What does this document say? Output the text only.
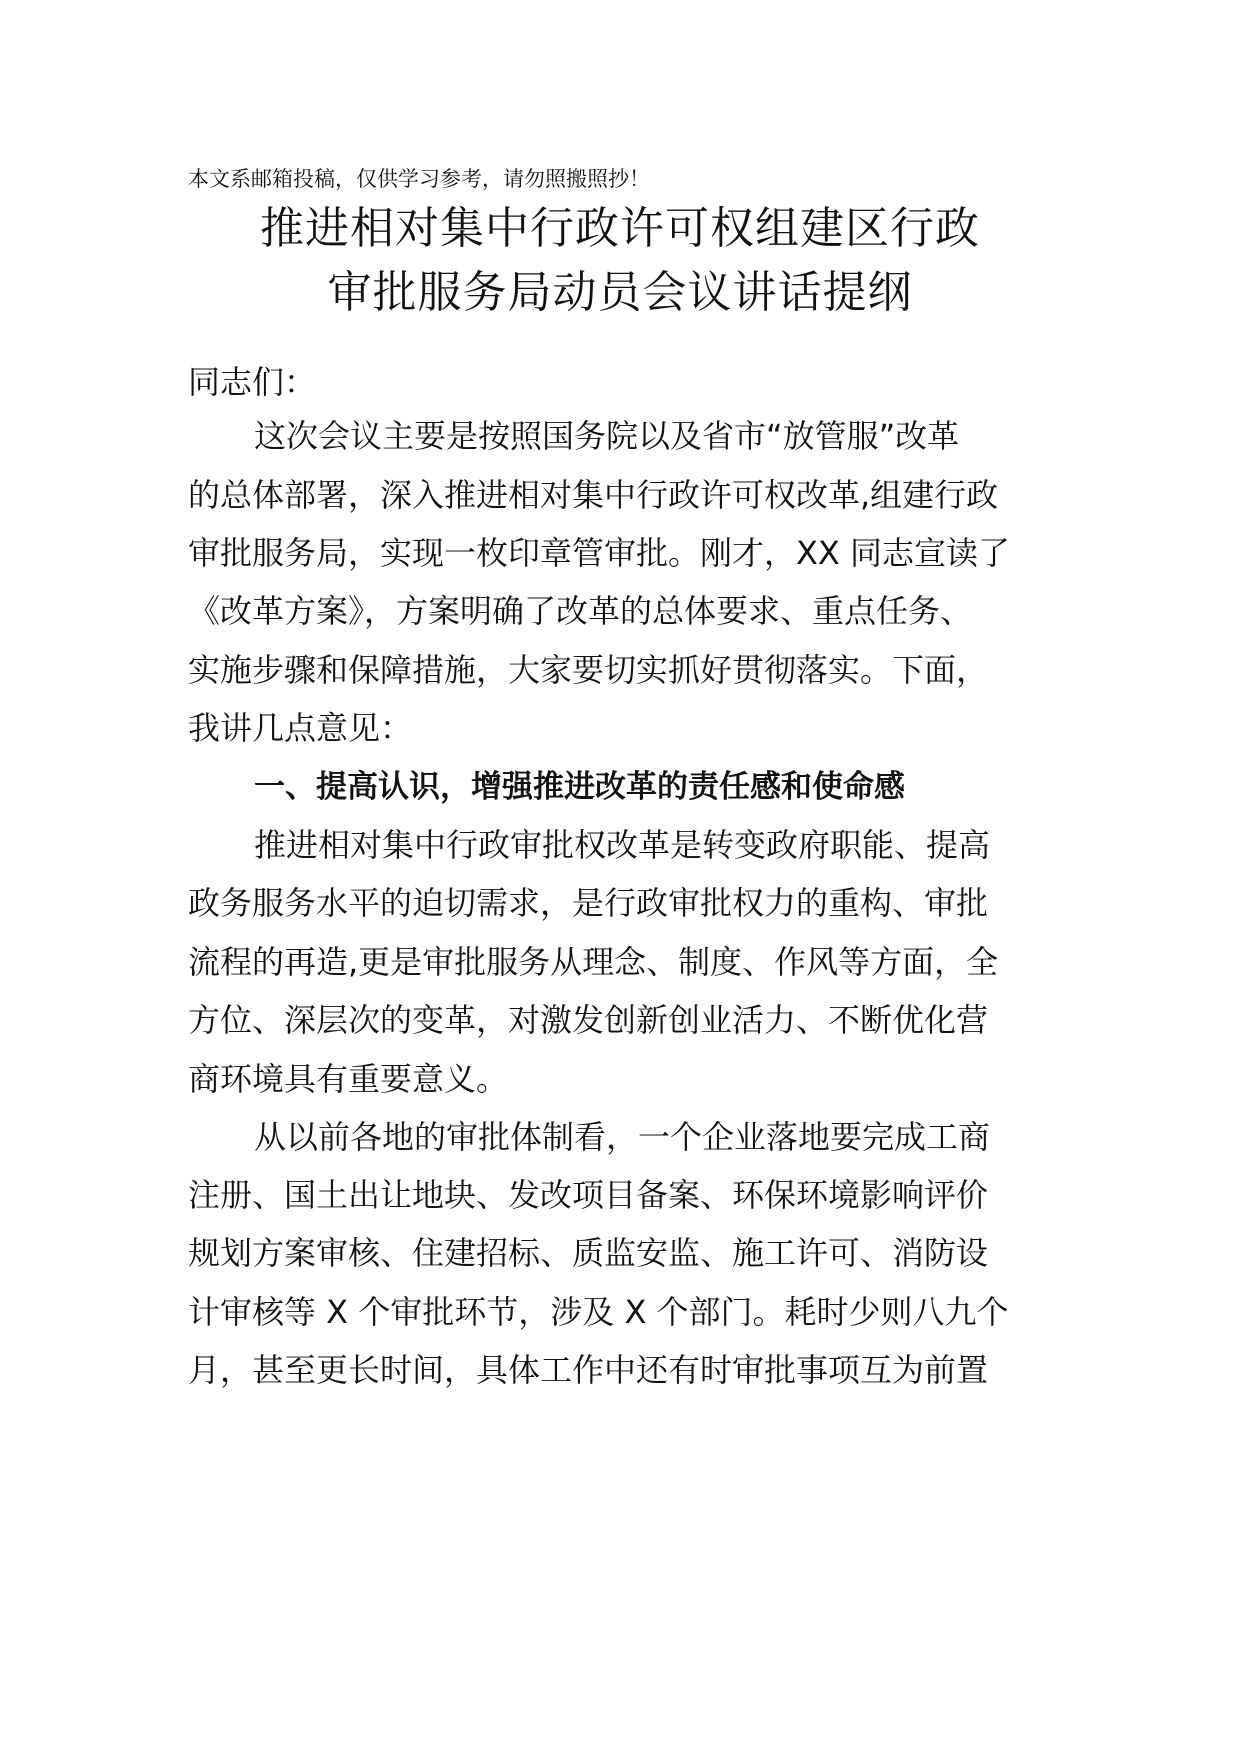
本文系邮箱投稿，仅供学习参考，请勿照搬照抄！
推进相对集中行政许可权组建区行政
审批服务局动员会议讲话提纲
同志们：
这次会议主要是按照国务院以及省市“放管服”改革
的总体部署，深入推进相对集中行政许可权改革,组建行政
审批服务局，实现一枚印章管审批。刚才，XX 同志宣读了
《改革方案》，方案明确了改革的总体要求、重点任务、
实施步骤和保障措施，大家要切实抓好贯彻落实。下面，
我讲几点意见：
一、提高认识，增强推进改革的责任感和使命感
推进相对集中行政审批权改革是转变政府职能、提高
政务服务水平的迫切需求，是行政审批权力的重构、审批
流程的再造,更是审批服务从理念、制度、作风等方面，全
方位、深层次的变革，对激发创新创业活力、不断优化营
商环境具有重要意义。
从以前各地的审批体制看，一个企业落地要完成工商
注册、国土出让地块、发改项目备案、环保环境影响评价
规划方案审核、住建招标、质监安监、施工许可、消防设
计审核等 X 个审批环节，涉及 X 个部门。耗时少则八九个
月，甚至更长时间，具体工作中还有时审批事项互为前置
